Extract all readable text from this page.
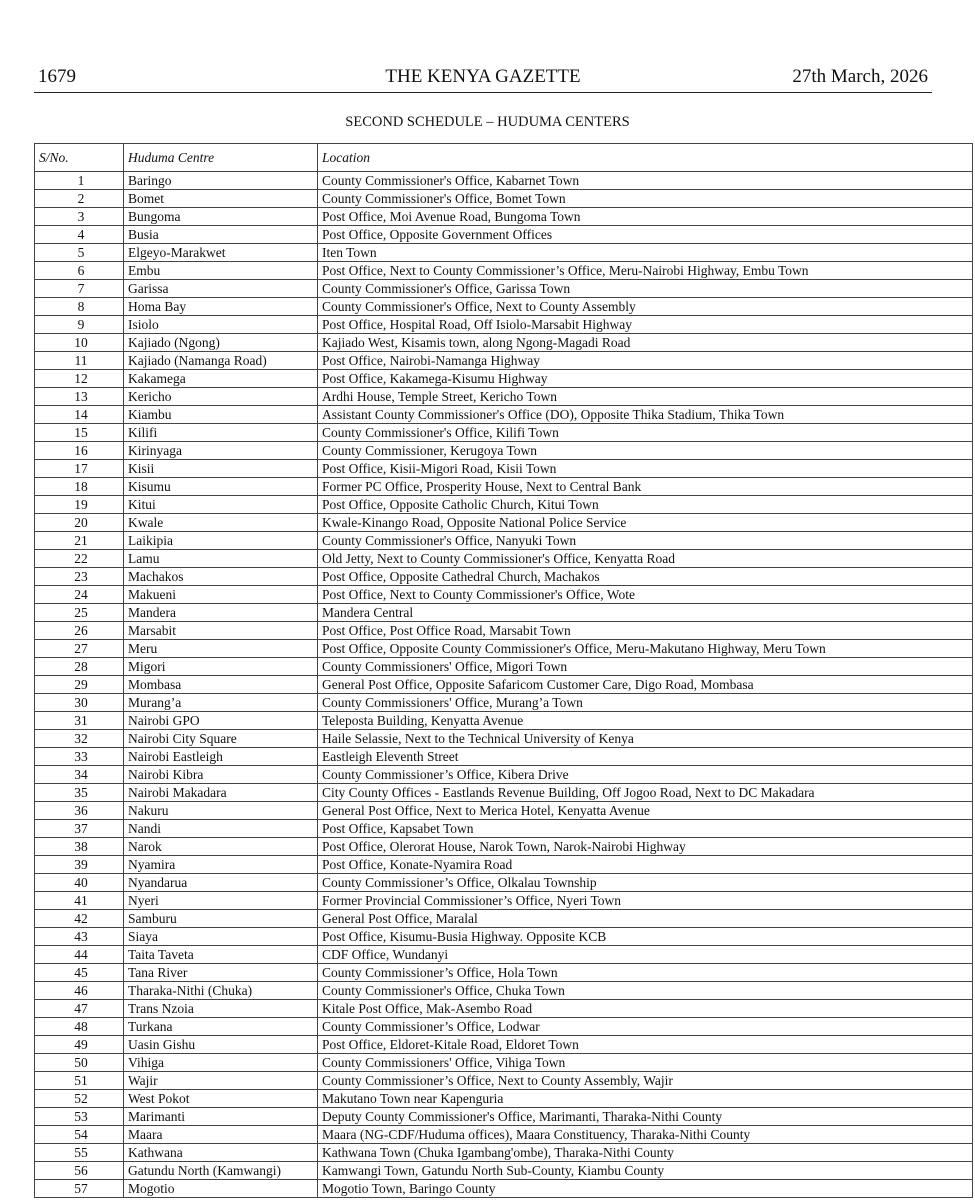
1679	THE KENYA GAZETTE	27th March, 2026
SECOND SCHEDULE – HUDUMA CENTERS
S/No.	Huduma Centre	Location
1	Baringo	County Commissioner's Office, Kabarnet Town
2	Bomet	County Commissioner's Office, Bomet Town
3	Bungoma	Post Office, Moi Avenue Road, Bungoma Town
4	Busia	Post Office, Opposite Government Offices
5	Elgeyo-Marakwet	Iten Town
6	Embu	Post Office, Next to County Commissioner’s Office, Meru-Nairobi Highway, Embu Town
7	Garissa	County Commissioner's Office, Garissa Town
8	Homa Bay	County Commissioner's Office, Next to County Assembly
9	Isiolo	Post Office, Hospital Road, Off Isiolo-Marsabit Highway
10	Kajiado (Ngong)	Kajiado West, Kisamis town, along Ngong-Magadi Road
11	Kajiado (Namanga Road)	Post Office, Nairobi-Namanga Highway
12	Kakamega	Post Office, Kakamega-Kisumu Highway
13	Kericho	Ardhi House, Temple Street, Kericho Town
14	Kiambu	Assistant County Commissioner's Office (DO), Opposite Thika Stadium, Thika Town
15	Kilifi	County Commissioner's Office, Kilifi Town
16	Kirinyaga	County Commissioner, Kerugoya Town
17	Kisii	Post Office, Kisii-Migori Road, Kisii Town
18	Kisumu	Former PC Office, Prosperity House, Next to Central Bank
19	Kitui	Post Office, Opposite Catholic Church, Kitui Town
20	Kwale	Kwale-Kinango Road, Opposite National Police Service
21	Laikipia	County Commissioner's Office, Nanyuki Town
22	Lamu	Old Jetty, Next to County Commissioner's Office, Kenyatta Road
23	Machakos	Post Office, Opposite Cathedral Church, Machakos
24	Makueni	Post Office, Next to County Commissioner's Office, Wote
25	Mandera	Mandera Central
26	Marsabit	Post Office, Post Office Road, Marsabit Town
27	Meru	Post Office, Opposite County Commissioner's Office, Meru-Makutano Highway, Meru Town
28	Migori	County Commissioners' Office, Migori Town
29	Mombasa	General Post Office, Opposite Safaricom Customer Care, Digo Road, Mombasa
30	Murang’a	County Commissioners' Office, Murang’a Town
31	Nairobi GPO	Teleposta Building, Kenyatta Avenue
32	Nairobi City Square	Haile Selassie, Next to the Technical University of Kenya
33	Nairobi Eastleigh	Eastleigh Eleventh Street
34	Nairobi Kibra	County Commissioner’s Office, Kibera Drive
35	Nairobi Makadara	City County Offices - Eastlands Revenue Building, Off Jogoo Road, Next to DC Makadara
36	Nakuru	General Post Office, Next to Merica Hotel, Kenyatta Avenue
37	Nandi	Post Office, Kapsabet Town
38	Narok	Post Office, Olerorat House, Narok Town, Narok-Nairobi Highway
39	Nyamira	Post Office, Konate-Nyamira Road
40	Nyandarua	County Commissioner’s Office, Olkalau Township
41	Nyeri	Former Provincial Commissioner’s Office, Nyeri Town
42	Samburu	General Post Office, Maralal
43	Siaya	Post Office, Kisumu-Busia Highway. Opposite KCB
44	Taita Taveta	CDF Office, Wundanyi
45	Tana River	County Commissioner’s Office, Hola Town
46	Tharaka-Nithi (Chuka)	County Commissioner's Office, Chuka Town
47	Trans Nzoia	Kitale Post Office, Mak-Asembo Road
48	Turkana	County Commissioner’s Office, Lodwar
49	Uasin Gishu	Post Office, Eldoret-Kitale Road, Eldoret Town
50	Vihiga	County Commissioners' Office, Vihiga Town
51	Wajir	County Commissioner’s Office, Next to County Assembly, Wajir
52	West Pokot	Makutano Town near Kapenguria
53	Marimanti	Deputy County Commissioner's Office, Marimanti, Tharaka-Nithi County
54	Maara	Maara (NG-CDF/Huduma offices), Maara Constituency, Tharaka-Nithi County
55	Kathwana	Kathwana Town (Chuka Igambang'ombe), Tharaka-Nithi County
56	Gatundu North (Kamwangi)	Kamwangi Town, Gatundu North Sub-County, Kiambu County
57	Mogotio	Mogotio Town, Baringo County
